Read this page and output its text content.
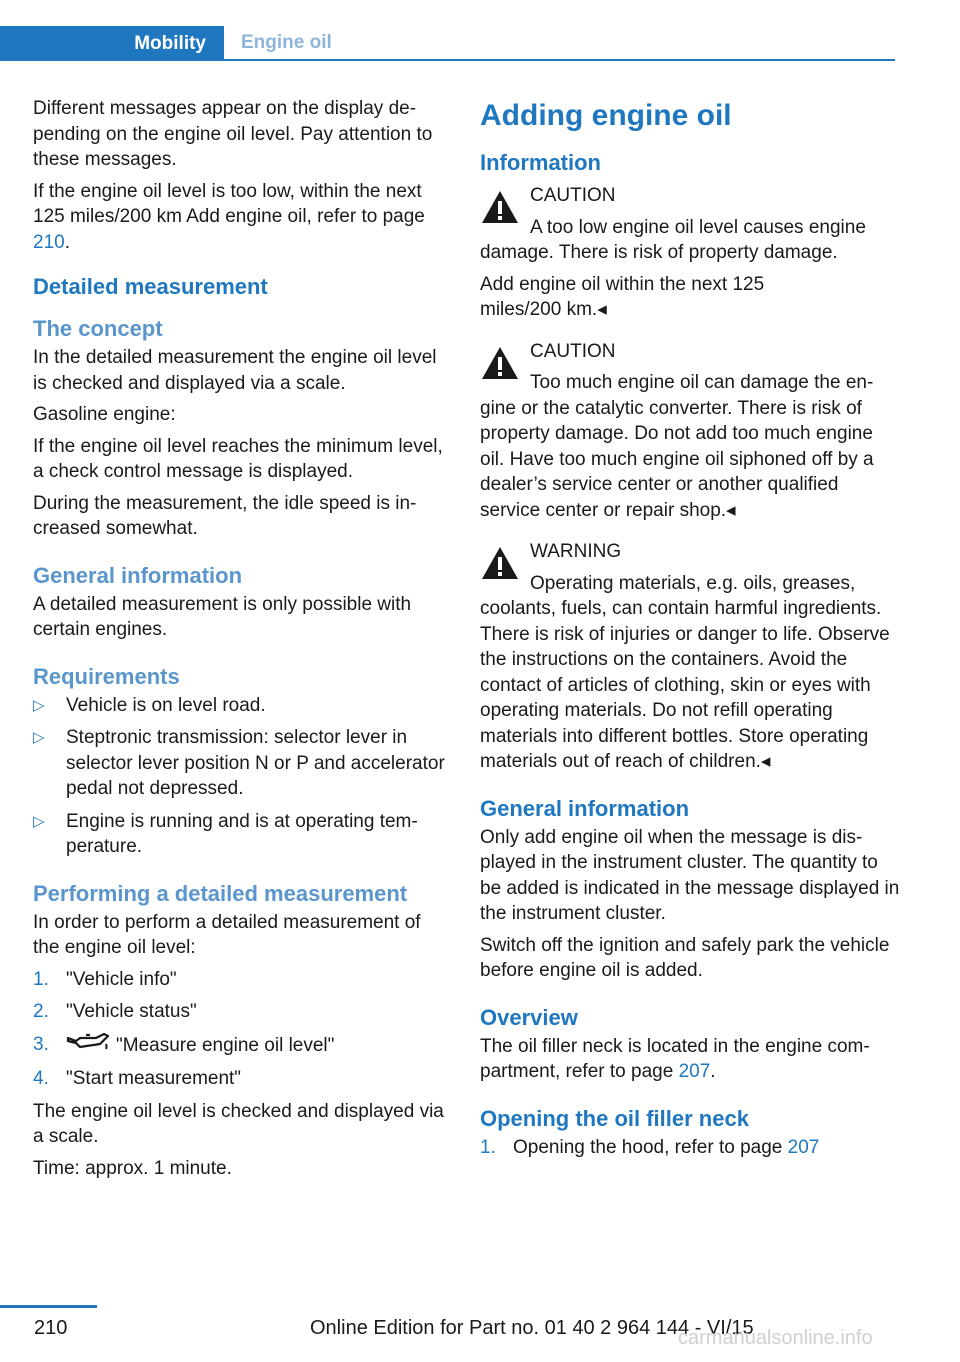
Mobility Engine oil

Different messages appear on the display depending on the engine oil level. Pay attention to these messages.

If the engine oil level is too low, within the next 125 miles/200 km Add engine oil, refer to page 210.

Detailed measurement
The concept

In the detailed measurement the engine oil level is checked and displayed via a scale.

Gasoline engine:

If the engine oil level reaches the minimum level, a check control message is displayed.

During the measurement, the idle speed is increased somewhat.

General information

A detailed measurement is only possible with certain engines.

Requirements
▷ Vehicle is on level road.
▷ Steptronic transmission: selector lever in selector lever position N or P and accelerator pedal not depressed.
▷ Engine is running and is at operating temperature.
Performing a detailed measurement

In order to perform a detailed measurement of the engine oil level:

1. "Vehicle info"
2. "Vehicle status"
3.	"Measure engine oil level"
4. "Start measurement"

The engine oil level is checked and displayed via a scale.

Time: approx. 1 minute.

Adding engine oil
Information
CAUTION
A too low engine oil level causes engine damage. There is risk of property damage.

Add engine oil within the next 125 miles/200 km.◂

CAUTION
Too much engine oil can damage the engine or the catalytic converter. There is risk of property damage. Do not add too much engine oil. Have too much engine oil siphoned off by a dealer’s service center or another qualified service center or repair shop.◂
WARNING
Operating materials, e.g. oils, greases, coolants, fuels, can contain harmful ingredients. There is risk of injuries or danger to life. Observe the instructions on the containers. Avoid the contact of articles of clothing, skin or eyes with operating materials. Do not refill operating materials into different bottles. Store operating materials out of reach of children.◂
General information

Only add engine oil when the message is displayed in the instrument cluster. The quantity to be added is indicated in the message displayed in the instrument cluster.

Switch off the ignition and safely park the vehicle before engine oil is added.

Overview

The oil filler neck is located in the engine compartment, refer to page 207.

Opening the oil filler neck
1. Opening the hood, refer to page 207
210	Online Edition for Part no. 01 40 2 964 144 - VI/15
carmanualsonline.info
